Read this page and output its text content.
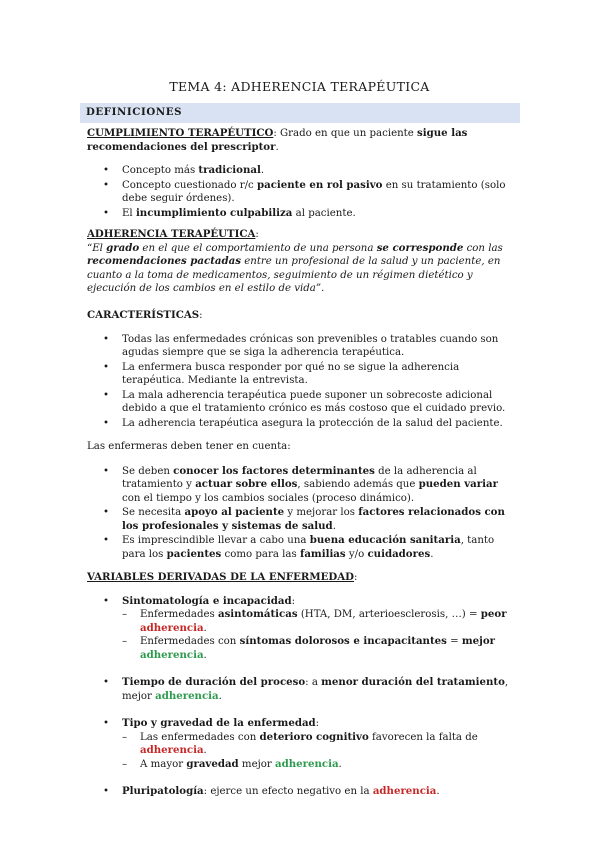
TEMA 4: ADHERENCIA TERAPÉUTICA
DEFINICIONES

CUMPLIMIENTO TERAPÉUTICO: Grado en que un paciente sigue las recomendaciones del prescriptor.

• Concepto más tradicional.
• Concepto cuestionado r/c paciente en rol pasivo en su tratamiento (solo debe seguir órdenes).
• El incumplimiento culpabiliza al paciente.

ADHERENCIA TERAPÉUTICA:

“El grado en el que el comportamiento de una persona se corresponde con las recomendaciones pactadas entre un profesional de la salud y un paciente, en cuanto a la toma de medicamentos, seguimiento de un régimen dietético y ejecución de los cambios en el estilo de vida”.

CARACTERÍSTICAS:

• Todas las enfermedades crónicas son prevenibles o tratables cuando son agudas siempre que se siga la adherencia terapéutica.
• La enfermera busca responder por qué no se sigue la adherencia terapéutica. Mediante la entrevista.
• La mala adherencia terapéutica puede suponer un sobrecoste adicional debido a que el tratamiento crónico es más costoso que el cuidado previo.
• La adherencia terapéutica asegura la protección de la salud del paciente.

Las enfermeras deben tener en cuenta:

• Se deben conocer los factores determinantes de la adherencia al tratamiento y actuar sobre ellos, sabiendo además que pueden variar con el tiempo y los cambios sociales (proceso dinámico).
• Se necesita apoyo al paciente y mejorar los factores relacionados con los profesionales y sistemas de salud.
• Es imprescindible llevar a cabo una buena educación sanitaria, tanto para los pacientes como para las familias y/o cuidadores.

VARIABLES DERIVADAS DE LA ENFERMEDAD:

• Sintomatología e incapacidad:
– Enfermedades asintomáticas (HTA, DM, arterioesclerosis, …) = peor adherencia.
– Enfermedades con síntomas dolorosos e incapacitantes = mejor adherencia.
• Tiempo de duración del proceso: a menor duración del tratamiento, mejor adherencia.
• Tipo y gravedad de la enfermedad:
– Las enfermedades con deterioro cognitivo favorecen la falta de adherencia.
– A mayor gravedad mejor adherencia.
• Pluripatología: ejerce un efecto negativo en la adherencia.
